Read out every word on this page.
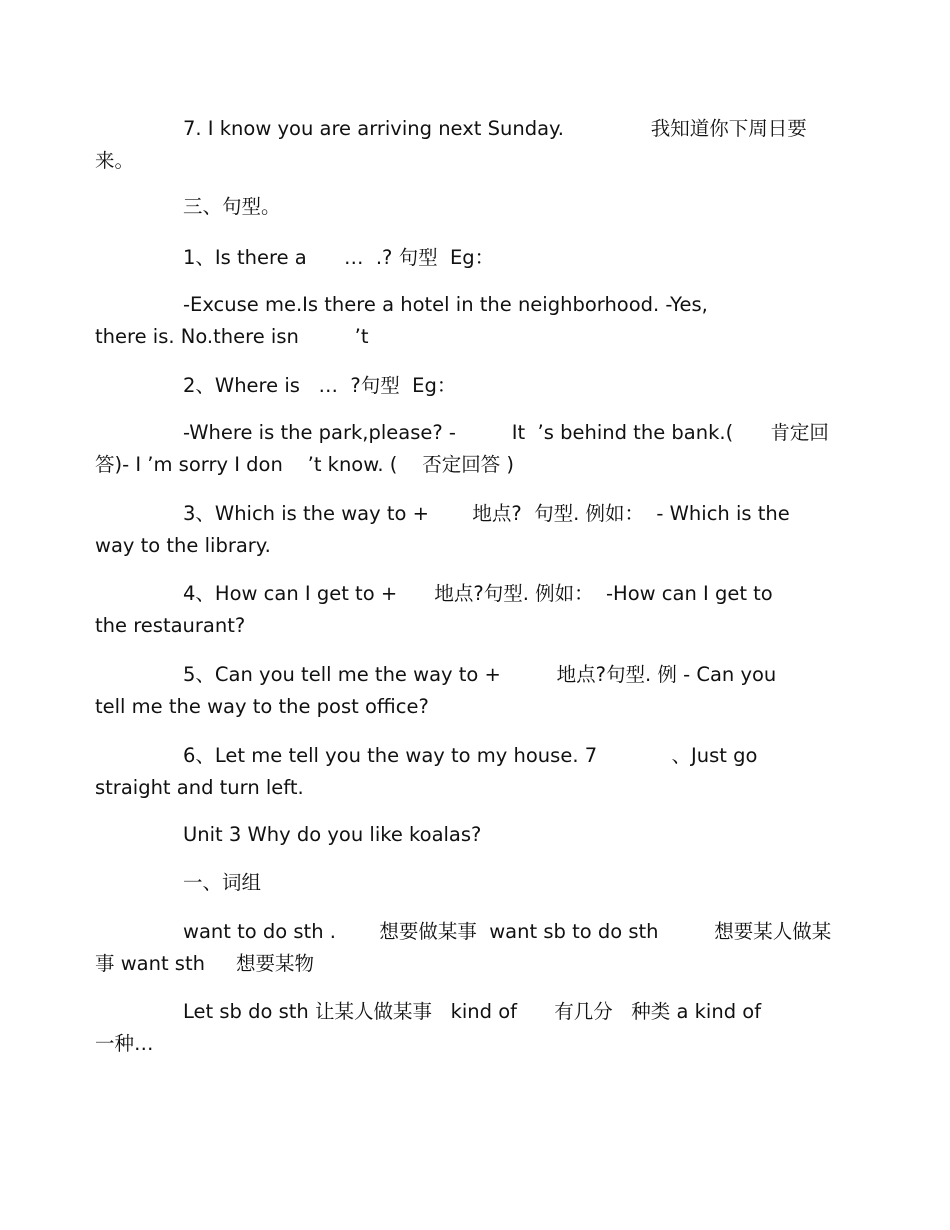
7. I know you are arriving next Sunday.              我知道你下周日要
来。

三、句型。

1、Is there a      …  .? 句型  Eg：

-Excuse me.Is there a hotel in the neighborhood. -Yes,
there is. No.there isn         ’t

2、Where is   …  ?句型  Eg：

-Where is the park,please? -         It  ’s behind the bank.(      肯定回
答)- I ’m sorry I don    ’t know. (    否定回答 )

3、Which is the way to +       地点?  句型. 例如：  - Which is the
way to the library.

4、How can I get to +      地点?句型. 例如：  -How can I get to
the restaurant?

5、Can you tell me the way to +         地点?句型. 例 - Can you
tell me the way to the post office?

6、Let me tell you the way to my house. 7            、Just go
straight and turn left.

Unit 3 Why do you like koalas?

一、词组

want to do sth .       想要做某事  want sb to do sth         想要某人做某
事 want sth     想要某物

Let sb do sth 让某人做某事   kind of      有几分   种类 a kind of
一种…
